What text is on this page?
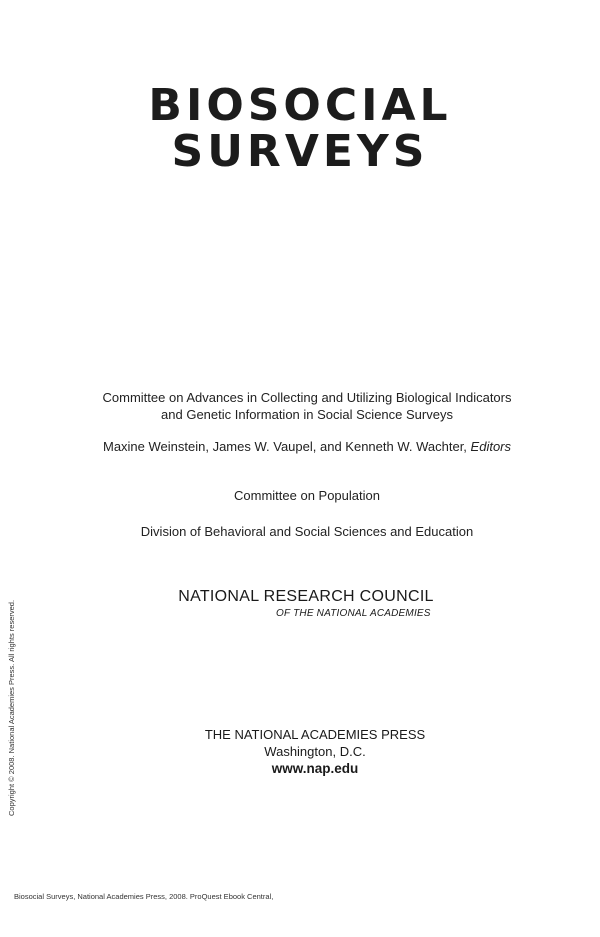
BIOSOCIAL
SURVEYS
Committee on Advances in Collecting and Utilizing Biological Indicators
and Genetic Information in Social Science Surveys
Maxine Weinstein, James W. Vaupel, and Kenneth W. Wachter, Editors
Committee on Population
Division of Behavioral and Social Sciences and Education
NATIONAL RESEARCH COUNCIL
OF THE NATIONAL ACADEMIES
THE NATIONAL ACADEMIES PRESS
Washington, D.C.
www.nap.edu
Copyright © 2008. National Academies Press. All rights reserved.
Biosocial Surveys, National Academies Press, 2008. ProQuest Ebook Central,
